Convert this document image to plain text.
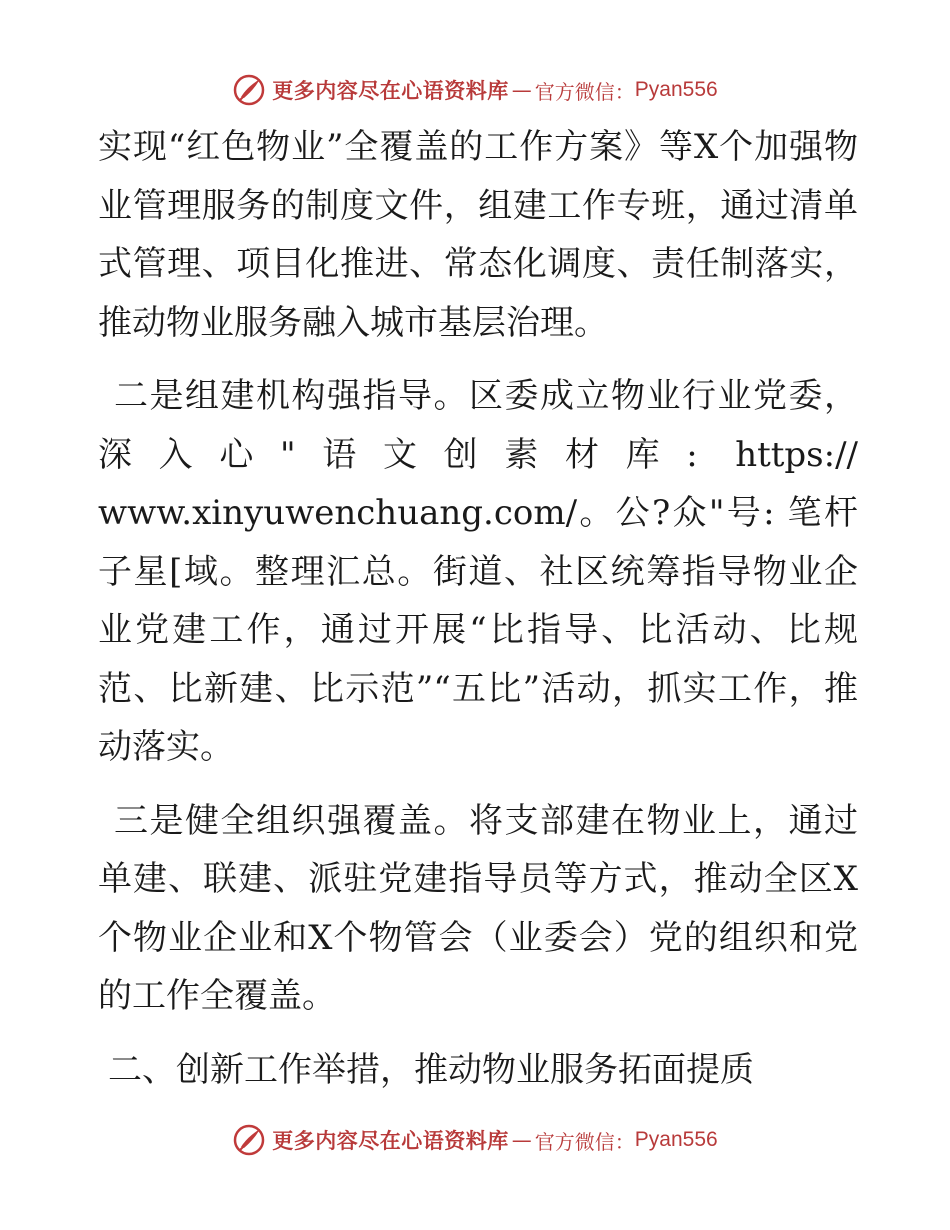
更多内容尽在心语资料库 — 官方微信： Pyan556

实现“红色物业”全覆盖的工作方案》等X个加强物业管理服务的制度文件，组建工作专班，通过清单式管理、项目化推进、常态化调度、责任制落实，推动物业服务融入城市基层治理。

二是组建机构强指导。区委成立物业行业党委，深入心"语文创素材库: https:// www.xinyuwenchuang.com/。公?众"号: 笔杆子星[域。整理汇总。街道、社区统筹指导物业企业党建工作，通过开展“比指导、比活动、比规范、比新建、比示范”“五比”活动，抓实工作，推动落实。

三是健全组织强覆盖。将支部建在物业上，通过单建、联建、派驻党建指导员等方式，推动全区X个物业企业和X个物管会（业委会）党的组织和党的工作全覆盖。

二、创新工作举措，推动物业服务拓面提质

更多内容尽在心语资料库 — 官方微信： Pyan556
